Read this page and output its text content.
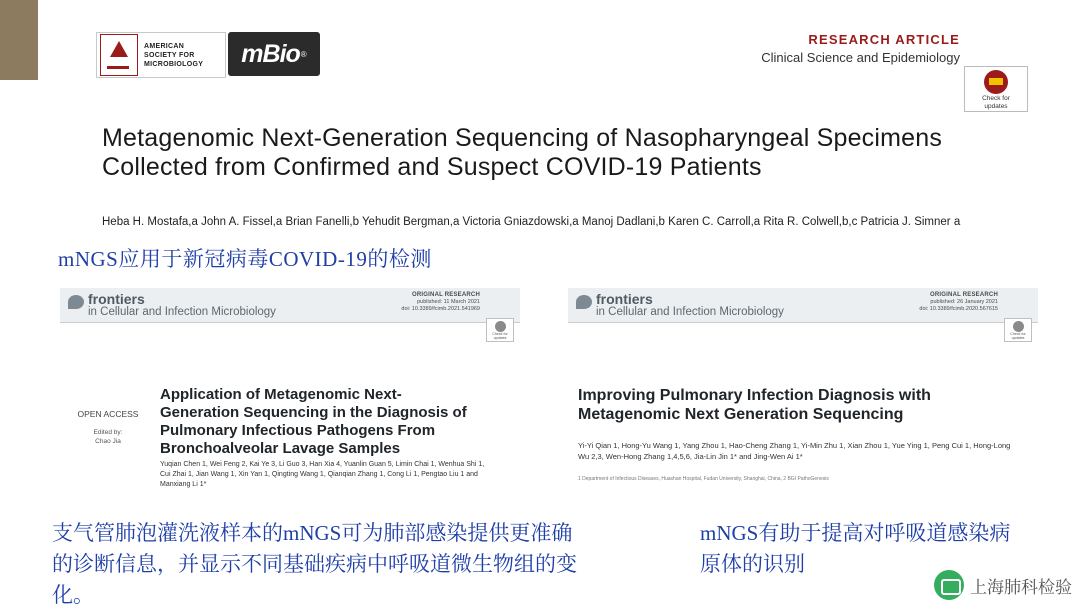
AMERICAN
SOCIETY FOR
MICROBIOLOGY mBio ®
RESEARCH ARTICLE
Clinical Science and Epidemiology
Check for
updates
Metagenomic Next-Generation Sequencing of Nasopharyngeal Specimens Collected from Confirmed and Suspect COVID-19 Patients
Heba H. Mostafa,a John A. Fissel,a Brian Fanelli,b Yehudit Bergman,a Victoria Gniazdowski,a Manoj Dadlani,b Karen C. Carroll,a Rita R. Colwell,b,c Patricia J. Simner a
mNGS应用于新冠病毒COVID-19的检测
frontiers
in Cellular and Infection Microbiology
ORIGINAL RESEARCH
published: 11 March 2021
doi: 10.3389/fcimb.2021.541969
Check for
updates
OPEN ACCESS
Edited by:
Chao Jia
Application of Metagenomic Next-Generation Sequencing in the Diagnosis of Pulmonary Infectious Pathogens From Bronchoalveolar Lavage Samples
Yuqian Chen 1, Wei Feng 2, Kai Ye 3, Li Guo 3, Han Xia 4, Yuanlin Guan 5, Limin Chai 1, Wenhua Shi 1, Cui Zhai 1, Jian Wang 1, Xin Yan 1, Qingting Wang 1, Qianqian Zhang 1, Cong Li 1, Pengtao Liu 1 and Manxiang Li 1*
frontiers
in Cellular and Infection Microbiology
ORIGINAL RESEARCH
published: 26 January 2021
doi: 10.3389/fcimb.2020.567615
Check for
updates
Improving Pulmonary Infection Diagnosis with Metagenomic Next Generation Sequencing
Yi-Yi Qian 1, Hong-Yu Wang 1, Yang Zhou 1, Hao-Cheng Zhang 1, Yi-Min Zhu 1, Xian Zhou 1, Yue Ying 1, Peng Cui 1, Hong-Long Wu 2,3, Wen-Hong Zhang 1,4,5,6, Jia-Lin Jin 1* and Jing-Wen Ai 1*
1 Department of Infectious Diseases, Huashan Hospital, Fudan University, Shanghai, China, 2 BGI PathoGenesis
支气管肺泡灌洗液样本的mNGS可为肺部感染提供更准确的诊断信息，并显示不同基础疾病中呼吸道微生物组的变化。
mNGS有助于提高对呼吸道感染病原体的识别
上海肺科检验
